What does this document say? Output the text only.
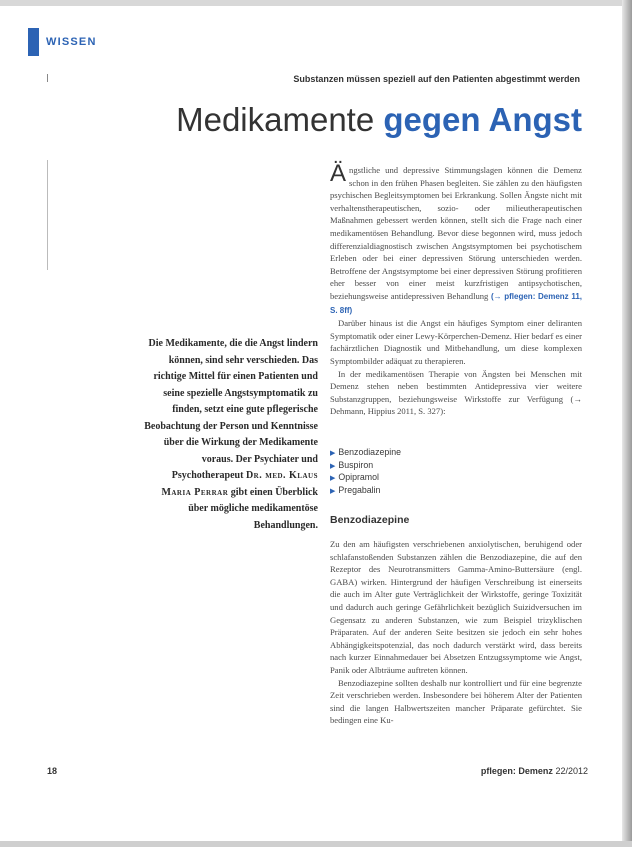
WISSEN
Substanzen müssen speziell auf den Patienten abgestimmt werden
Medikamente gegen Angst
Die Medikamente, die die Angst lindern können, sind sehr verschieden. Das richtige Mittel für einen Patienten und seine spezielle Angstsymptomatik zu finden, setzt eine gute pflegerische Beobachtung der Person und Kenntnisse über die Wirkung der Medikamente voraus. Der Psychiater und Psychotherapeut Dr. med. Klaus Maria Perrar gibt einen Überblick über mögliche medikamentöse Behandlungen.

Ängstliche und depressive Stimmungslagen können die Demenz schon in den frühen Phasen begleiten. Sie zählen zu den häufigsten psychischen Begleitsymptomen bei Erkrankung. Sollen Ängste nicht mit verhaltenstherapeutischen, sozio- oder milieutherapeutischen Maßnahmen gebessert werden können, stellt sich die Frage nach einer medikamentösen Behandlung. Bevor diese begonnen wird, muss jedoch differenzialdiagnostisch zwischen Angstsymptomen bei psychotischem Erleben oder bei einer depressiven Störung unterschieden werden. Betroffene der Angstsymptome bei einer depressiven Störung profitieren eher besser von einer meist kurzfristigen antipsychotischen, beziehungsweise antidepressiven Behandlung (→ pflegen: Demenz 11, S. 8ff)

Darüber hinaus ist die Angst ein häufiges Symptom einer deliranten Symptomatik oder einer Lewy-Körperchen-Demenz. Hier bedarf es einer fachärztlichen Diagnostik und Mitbehandlung, um diese komplexen Symptombilder adäquat zu therapieren.

In der medikamentösen Therapie von Ängsten bei Menschen mit Demenz stehen neben bestimmten Antidepressiva vier weitere Substanzgruppen, beziehungsweise Wirkstoffe zur Verfügung (→ Dehmann, Hippius 2011, S. 327):

▶ Benzodiazepine
▶ Buspiron
▶ Opipramol
▶ Pregabalin
Benzodiazepine

Zu den am häufigsten verschriebenen anxiolytischen, beruhigend oder schlafanstoßenden Substanzen zählen die Benzodiazepine, die auf den Rezeptor des Neurotransmitters Gamma-Amino-Buttersäure (engl. GABA) wirken. Hintergrund der häufigen Verschreibung ist einerseits die auch im Alter gute Verträglichkeit der Wirkstoffe, geringe Toxizität und dadurch auch geringe Gefährlichkeit bezüglich Suizidversuchen im Gegensatz zu anderen Substanzen, wie zum Beispiel trizyklischen Präparaten. Auf der anderen Seite besitzen sie jedoch ein sehr hohes Abhängigkeitspotenzial, das noch dadurch verstärkt wird, dass bereits nach kurzer Einnahmedauer bei Absetzen Entzugssymptome wie Angst, Panik oder Albträume auftreten können.

Benzodiazepine sollten deshalb nur kontrolliert und für eine begrenzte Zeit verschrieben werden. Insbesondere bei höherem Alter der Patienten sind die langen Halbwertszeiten mancher Präparate gefürchtet. Sie bedingen eine Ku-

18	pflegen: Demenz 22/2012
